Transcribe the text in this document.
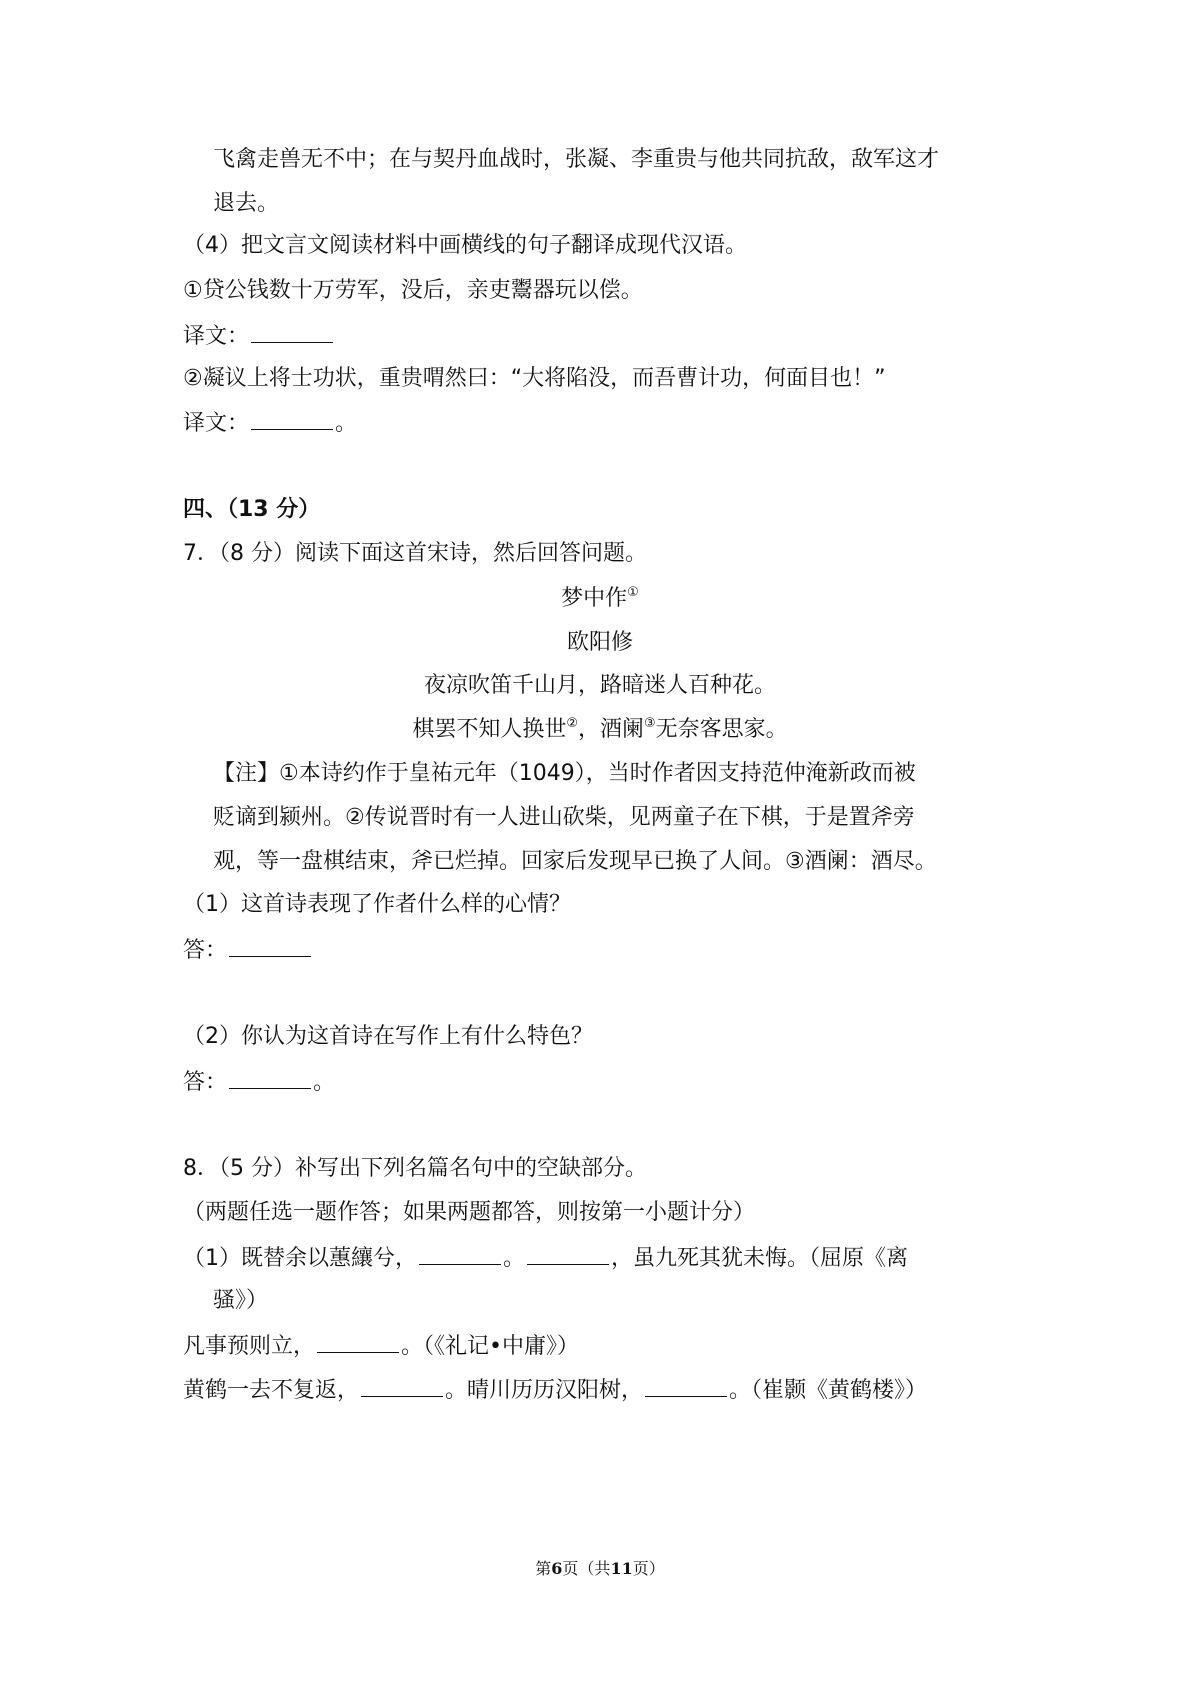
飞禽走兽无不中；在与契丹血战时，张凝、李重贵与他共同抗敌，敌军这才
退去。
（4）把文言文阅读材料中画横线的句子翻译成现代汉语。
①贷公钱数十万劳军，没后，亲吏鬻器玩以偿。
译文：
②凝议上将士功状，重贵喟然曰：“大将陷没，而吾曹计功，何面目也！”
译文：	。
四、（13 分）
7．（8 分）阅读下面这首宋诗，然后回答问题。
梦中作①
欧阳修
夜凉吹笛千山月，路暗迷人百种花。
棋罢不知人换世②，酒阑③无奈客思家。
【注】①本诗约作于皇祐元年（1049），当时作者因支持范仲淹新政而被
贬谪到颍州。②传说晋时有一人进山砍柴，见两童子在下棋，于是置斧旁
观，等一盘棋结束，斧已烂掉。回家后发现早已换了人间。③酒阑：酒尽。
（1）这首诗表现了作者什么样的心情？
答：
（2）你认为这首诗在写作上有什么特色？
答：	。
8．（5 分）补写出下列名篇名句中的空缺部分。
（两题任选一题作答；如果两题都答，则按第一小题计分）
（1）既替余以蕙纕兮，	。	，虽九死其犹未悔。（屈原《离
骚》）
凡事预则立，	。（《礼记•中庸》）
黄鹤一去不复返，	。晴川历历汉阳树，	。（崔颢《黄鹤楼》）
第6页（共11页）
